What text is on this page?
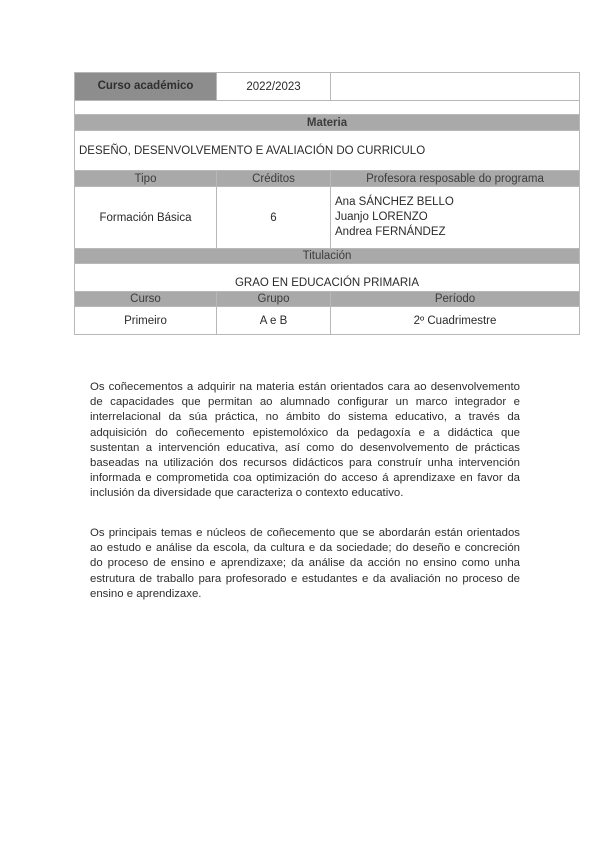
Curso académico	2022/2023	

Materia		
DESEÑO, DESENVOLVEMENTO E AVALIACIÓN DO CURRICULO		
Tipo	Créditos	Profesora resposable do programa
Formación Básica	6	Ana SÁNCHEZ BELLO
Juanjo LORENZO
Andrea FERNÁNDEZ

Titulación		
GRAO EN EDUCACIÓN PRIMARIA		
Curso	Grupo	Período
Primeiro	A e B	2º Cuadrimestre

Os coñecementos a adquirir na materia están orientados cara ao desenvolvemento de capacidades que permitan ao alumnado configurar un marco integrador e interrelacional da súa práctica, no ámbito do sistema educativo, a través da adquisición do coñecemento epistemolóxico da pedagoxía e a didáctica que sustentan a intervención educativa, así como do desenvolvemento de prácticas baseadas na utilización dos recursos didácticos para construír unha intervención informada e comprometida coa optimización do acceso á aprendizaxe en favor da inclusión da diversidade que caracteriza o contexto educativo.

Os principais temas e núcleos de coñecemento que se abordarán están orientados ao estudo e análise da escola, da cultura e da sociedade; do deseño e concreción do proceso de ensino e aprendizaxe; da análise da acción no ensino como unha estrutura de traballo para profesorado e estudantes e da avaliación no proceso de ensino e aprendizaxe.
